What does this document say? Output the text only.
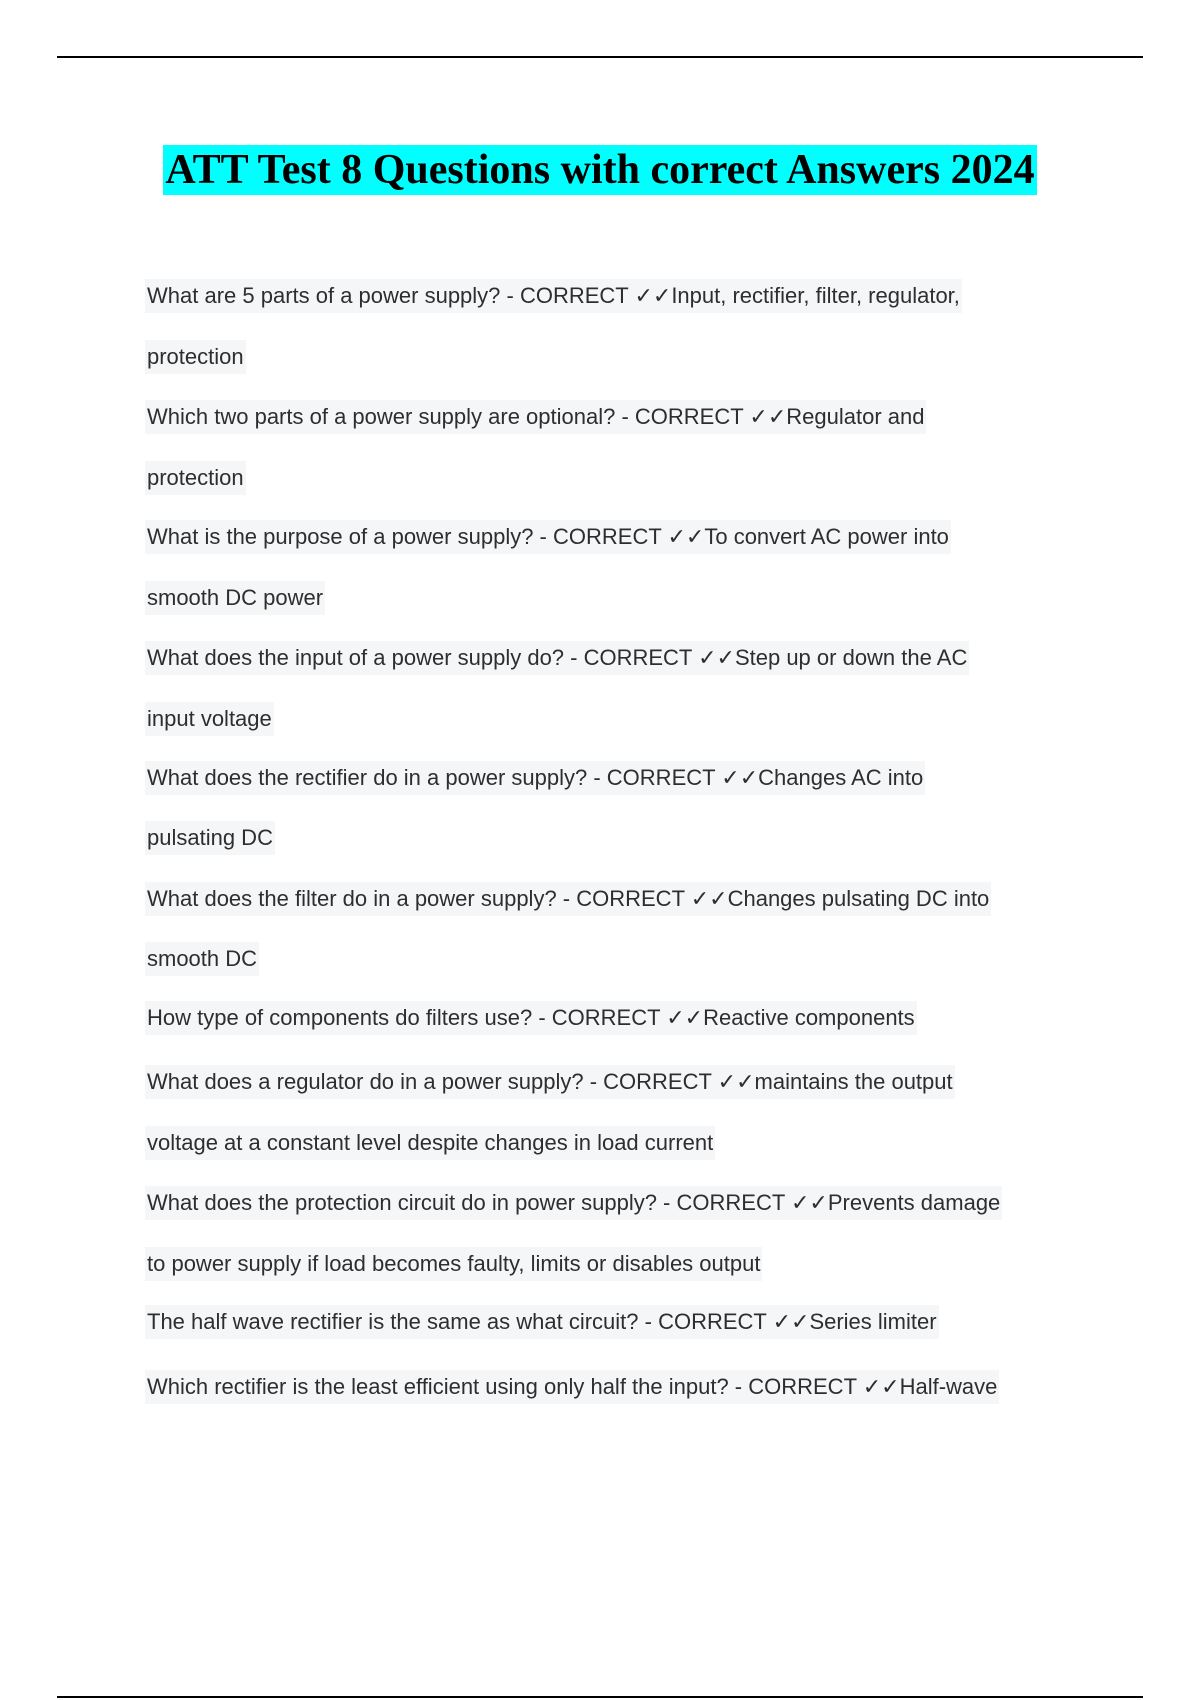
ATT Test 8 Questions with correct Answers 2024
What are 5 parts of a power supply? - CORRECT ✓✓Input, rectifier, filter, regulator,
protection
Which two parts of a power supply are optional? - CORRECT ✓✓Regulator and
protection
What is the purpose of a power supply? - CORRECT ✓✓To convert AC power into
smooth DC power
What does the input of a power supply do? - CORRECT ✓✓Step up or down the AC
input voltage
What does the rectifier do in a power supply? - CORRECT ✓✓Changes AC into
pulsating DC
What does the filter do in a power supply? - CORRECT ✓✓Changes pulsating DC into
smooth DC
How type of components do filters use? - CORRECT ✓✓Reactive components
What does a regulator do in a power supply? - CORRECT ✓✓maintains the output
voltage at a constant level despite changes in load current
What does the protection circuit do in power supply? - CORRECT ✓✓Prevents damage
to power supply if load becomes faulty, limits or disables output
The half wave rectifier is the same as what circuit? - CORRECT ✓✓Series limiter
Which rectifier is the least efficient using only half the input? - CORRECT ✓✓Half-wave
